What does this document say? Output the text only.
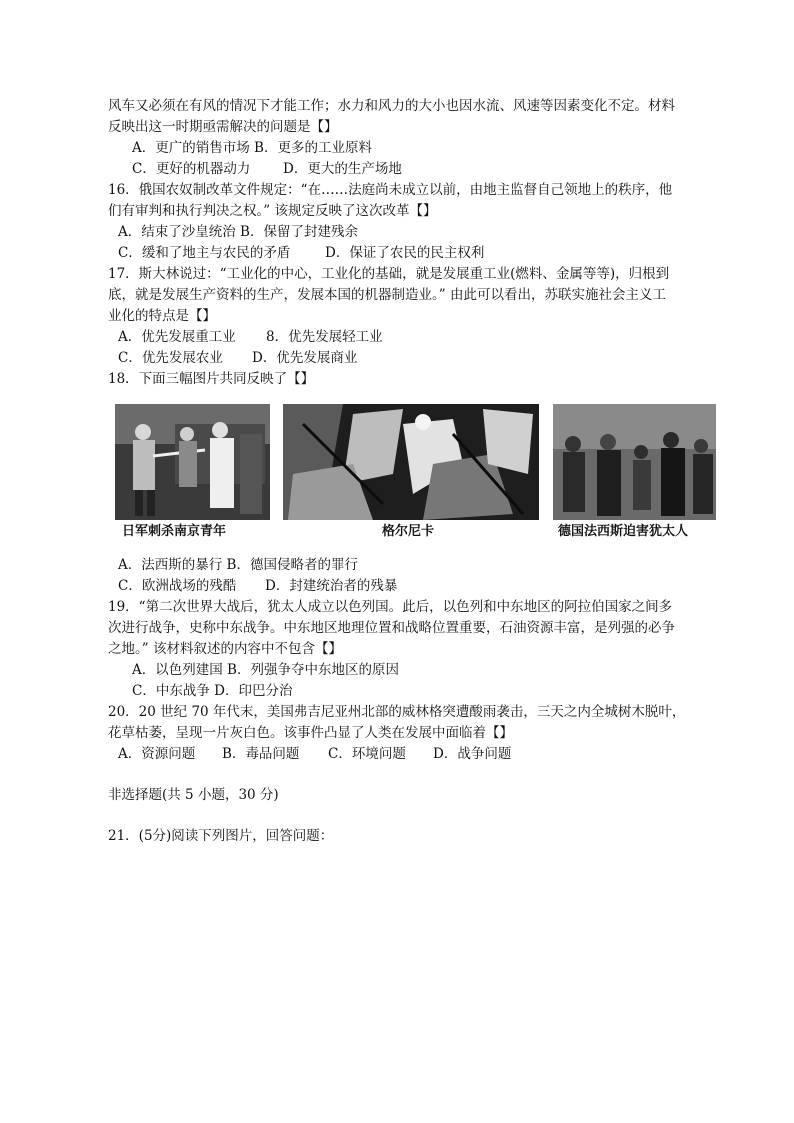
风车又必须在有风的情况下才能工作；水力和风力的大小也因水流、风速等因素变化不定。材料
反映出这一时期亟需解决的问题是【】
A．更广的销售市场 B．更多的工业原料
C．更好的机器动力 D．更大的生产场地
16．俄国农奴制改革文件规定：“在……法庭尚未成立以前，由地主监督自己领地上的秩序，他
们有审判和执行判决之权。” 该规定反映了这次改革【】
A．结束了沙皇统治 B．保留了封建残余
C．缓和了地主与农民的矛盾	D．保证了农民的民主权利
17．斯大林说过：“工业化的中心，工业化的基础，就是发展重工业(燃料、金属等等)，归根到
底，就是发展生产资料的生产，发展本国的机器制造业。” 由此可以看出，苏联实施社会主义工
业化的特点是【】
A．优先发展重工业 8．优先发展轻工业
C．优先发展农业 D．优先发展商业
18．下面三幅图片共同反映了【】
日军刺杀南京青年	格尔尼卡	德国法西斯迫害犹太人
A．法西斯的暴行 B．德国侵略者的罪行
C．欧洲战场的残酷 D．封建统治者的残暴
19．“第二次世界大战后，犹太人成立以色列国。此后，以色列和中东地区的阿拉伯国家之间多
次进行战争，史称中东战争。中东地区地理位置和战略位置重要，石油资源丰富，是列强的必争
之地。” 该材料叙述的内容中不包含【】
A．以色列建国 B．列强争夺中东地区的原因
C．中东战争 D．印巴分治
20．20 世纪 70 年代末，美国弗吉尼亚州北部的威林格突遭酸雨袭击，三天之内全城树木脱叶，
花草枯萎，呈现一片灰白色。该事件凸显了人类在发展中面临着【】
A．资源问题 B．毒品问题 C．环境问题 D．战争问题
非选择题(共 5 小题，30 分)
21．(5分)阅读下列图片，回答问题：
